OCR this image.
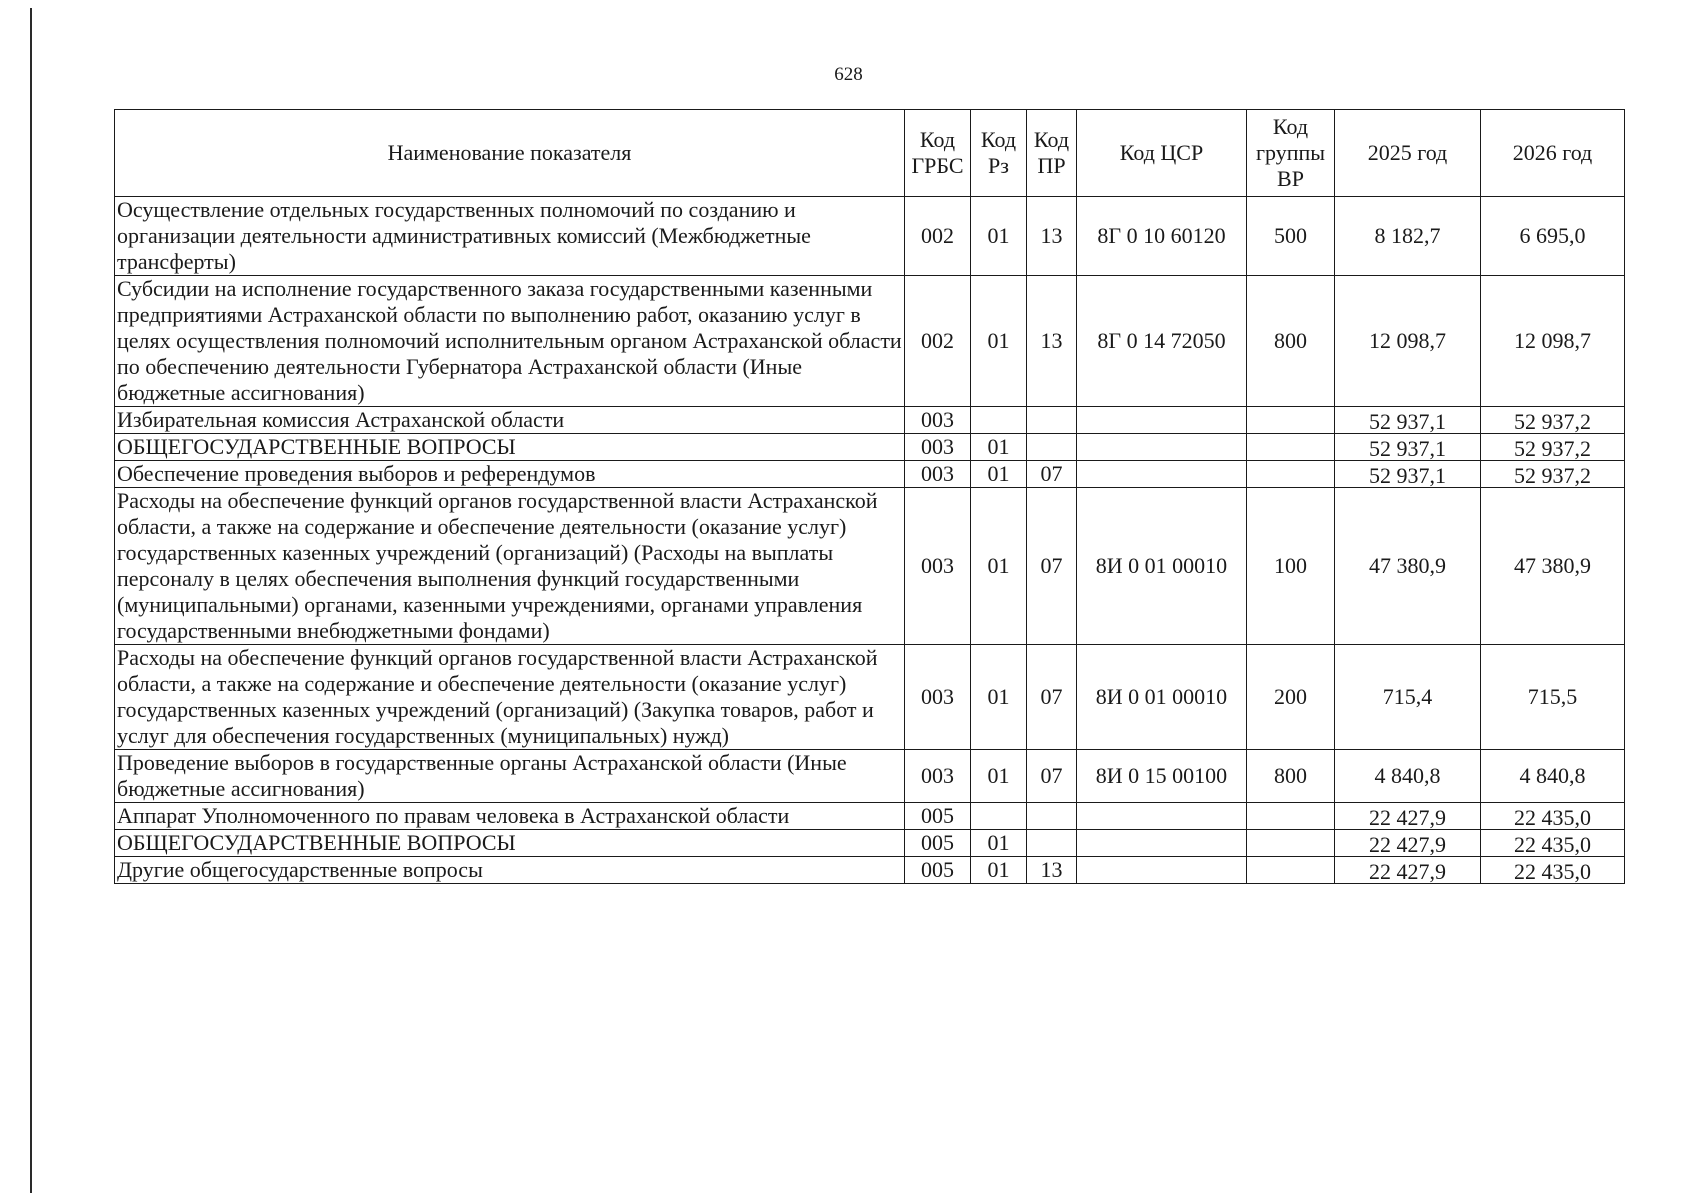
628
Наименование показателя	Код ГРБС	Код Рз	Код ПР	Код ЦСР	Код группы ВР	2025 год	2026 год
Осуществление отдельных государственных полномочий по созданию и организации деятельности административных комиссий (Межбюджетные трансферты)	002	01	13	8Г 0 10 60120	500	8 182,7	6 695,0
Субсидии на исполнение государственного заказа государственными казенными предприятиями Астраханской области по выполнению работ, оказанию услуг в целях осуществления полномочий исполнительным органом Астраханской области по обеспечению деятельности Губернатора Астраханской области (Иные бюджетные ассигнования)	002	01	13	8Г 0 14 72050	800	12 098,7	12 098,7
Избирательная комиссия Астраханской области	003					52 937,1	52 937,2
ОБЩЕГОСУДАРСТВЕННЫЕ ВОПРОСЫ	003	01				52 937,1	52 937,2
Обеспечение проведения выборов и референдумов	003	01	07			52 937,1	52 937,2
Расходы на обеспечение функций органов государственной власти Астраханской области, а также на содержание и обеспечение деятельности (оказание услуг) государственных казенных учреждений (организаций) (Расходы на выплаты персоналу в целях обеспечения выполнения функций государственными (муниципальными) органами, казенными учреждениями, органами управления государственными внебюджетными фондами)	003	01	07	8И 0 01 00010	100	47 380,9	47 380,9
Расходы на обеспечение функций органов государственной власти Астраханской области, а также на содержание и обеспечение деятельности (оказание услуг) государственных казенных учреждений (организаций) (Закупка товаров, работ и услуг для обеспечения государственных (муниципальных) нужд)	003	01	07	8И 0 01 00010	200	715,4	715,5
Проведение выборов в государственные органы Астраханской области (Иные бюджетные ассигнования)	003	01	07	8И 0 15 00100	800	4 840,8	4 840,8
Аппарат Уполномоченного по правам человека в Астраханской области	005					22 427,9	22 435,0
ОБЩЕГОСУДАРСТВЕННЫЕ ВОПРОСЫ	005	01				22 427,9	22 435,0
Другие общегосударственные вопросы	005	01	13			22 427,9	22 435,0
